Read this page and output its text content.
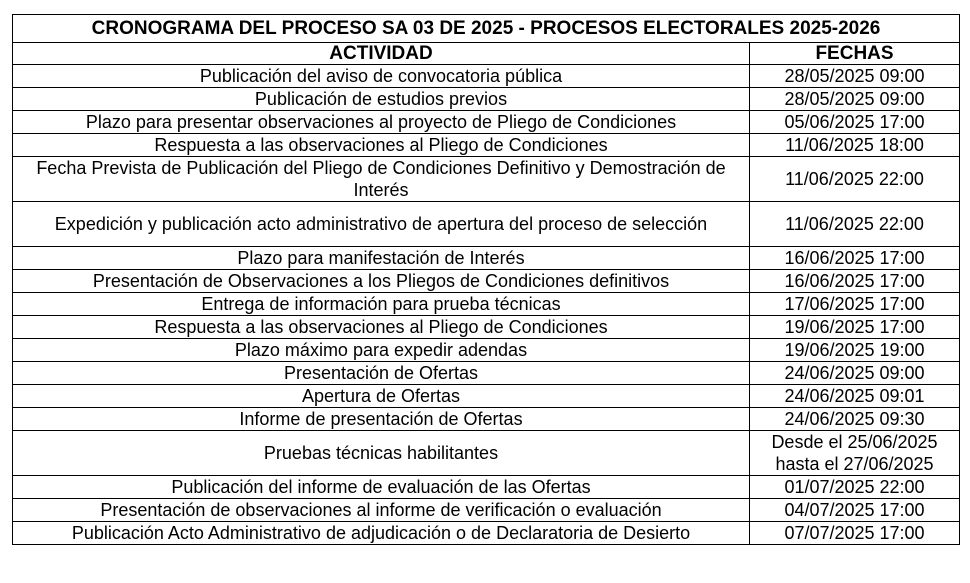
CRONOGRAMA DEL PROCESO SA 03 DE 2025 - PROCESOS ELECTORALES 2025-2026	
ACTIVIDAD	FECHAS
Publicación del aviso de convocatoria pública	28/05/2025 09:00
Publicación de estudios previos	28/05/2025 09:00
Plazo para presentar observaciones al proyecto de Pliego de Condiciones	05/06/2025 17:00
Respuesta a las observaciones al Pliego de Condiciones	11/06/2025 18:00
Fecha Prevista de Publicación del Pliego de Condiciones Definitivo y Demostración de Interés	11/06/2025 22:00
Expedición y publicación acto administrativo de apertura del proceso de selección	11/06/2025 22:00
Plazo para manifestación de Interés	16/06/2025 17:00
Presentación de Observaciones a los Pliegos de Condiciones definitivos	16/06/2025 17:00
Entrega de información para prueba técnicas	17/06/2025 17:00
Respuesta a las observaciones al Pliego de Condiciones	19/06/2025 17:00
Plazo máximo para expedir adendas	19/06/2025 19:00
Presentación de Ofertas	24/06/2025 09:00
Apertura de Ofertas	24/06/2025 09:01
Informe de presentación de Ofertas	24/06/2025 09:30
Pruebas técnicas habilitantes	Desde el 25/06/2025 hasta el 27/06/2025
Publicación del informe de evaluación de las Ofertas	01/07/2025 22:00
Presentación de observaciones al informe de verificación o evaluación	04/07/2025 17:00
Publicación Acto Administrativo de adjudicación o de Declaratoria de Desierto	07/07/2025 17:00
